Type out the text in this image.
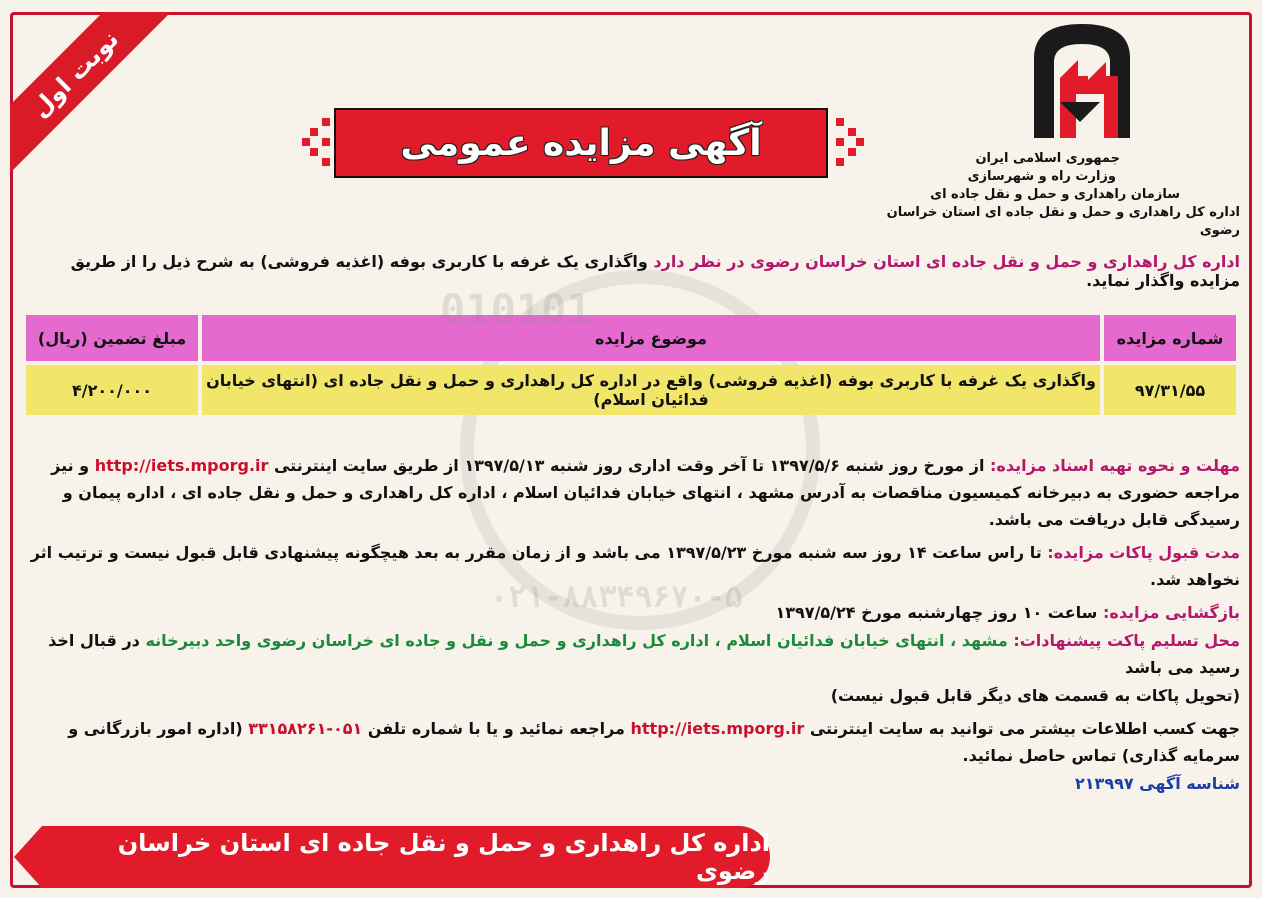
نوبت اول
آگهی مزایده عمومی	جمهوری اسلامی ایران
وزارت راه و شهرسازی
سازمان راهداری و حمل و نقل جاده ای
اداره کل راهداری و حمل و نقل جاده ای استان خراسان رضوی
اداره کل راهداری و حمل و نقل جاده ای استان خراسان رضوی در نظر دارد واگذاری یک غرفه با کاربری بوفه (اغذیه فروشی) به شرح ذیل را از طریق مزایده واگذار نماید.
شماره مزایده	موضوع مزایده	مبلغ تضمین (ریال)
۹۷/۳۱/۵۵	واگذاری یک غرفه با کاربری بوفه (اغذیه فروشی) واقع در اداره کل راهداری و حمل و نقل جاده ای (انتهای خیابان فدائیان اسلام)	۴/۲۰۰/۰۰۰

مهلت و نحوه تهیه اسناد مزایده: از مورخ روز شنبه ۱۳۹۷/۵/۶ تا آخر وقت اداری روز شنبه ۱۳۹۷/۵/۱۳ از طریق سایت اینترنتی http://iets.mporg.ir و نیز مراجعه حضوری به دبیرخانه کمیسیون مناقصات به آدرس مشهد ، انتهای خیابان فدائیان اسلام ، اداره کل راهداری و حمل و نقل جاده ای ، اداره پیمان و رسیدگی قابل دریافت می باشد.

مدت قبول پاکات مزایده: تا راس ساعت ۱۴ روز سه شنبه مورخ ۱۳۹۷/۵/۲۳ می باشد و از زمان مقرر به بعد هیچگونه پیشنهادی قابل قبول نیست و ترتیب اثر نخواهد شد.

بازگشایی مزایده: ساعت ۱۰ روز چهارشنبه مورخ ۱۳۹۷/۵/۲۴

محل تسلیم پاکت پیشنهادات: مشهد ، انتهای خیابان فدائیان اسلام ، اداره کل راهداری و حمل و نقل و جاده ای خراسان رضوی واحد دبیرخانه در قبال اخذ رسید می باشد

(تحویل پاکات به قسمت های دیگر قابل قبول نیست)

جهت کسب اطلاعات بیشتر می توانید به سایت اینترنتی http://iets.mporg.ir مراجعه نمائید و یا با شماره تلفن ۰۵۱-۳۳۱۵۸۲۶۱ (اداره امور بازرگانی و سرمایه گذاری) تماس حاصل نمائید.

شناسه آگهی ۲۱۳۹۹۷

010101
۰۲۱-۸۸۳۴۹۶۷۰-۵
اداره کل راهداری و حمل و نقل جاده ای استان خراسان رضوی
